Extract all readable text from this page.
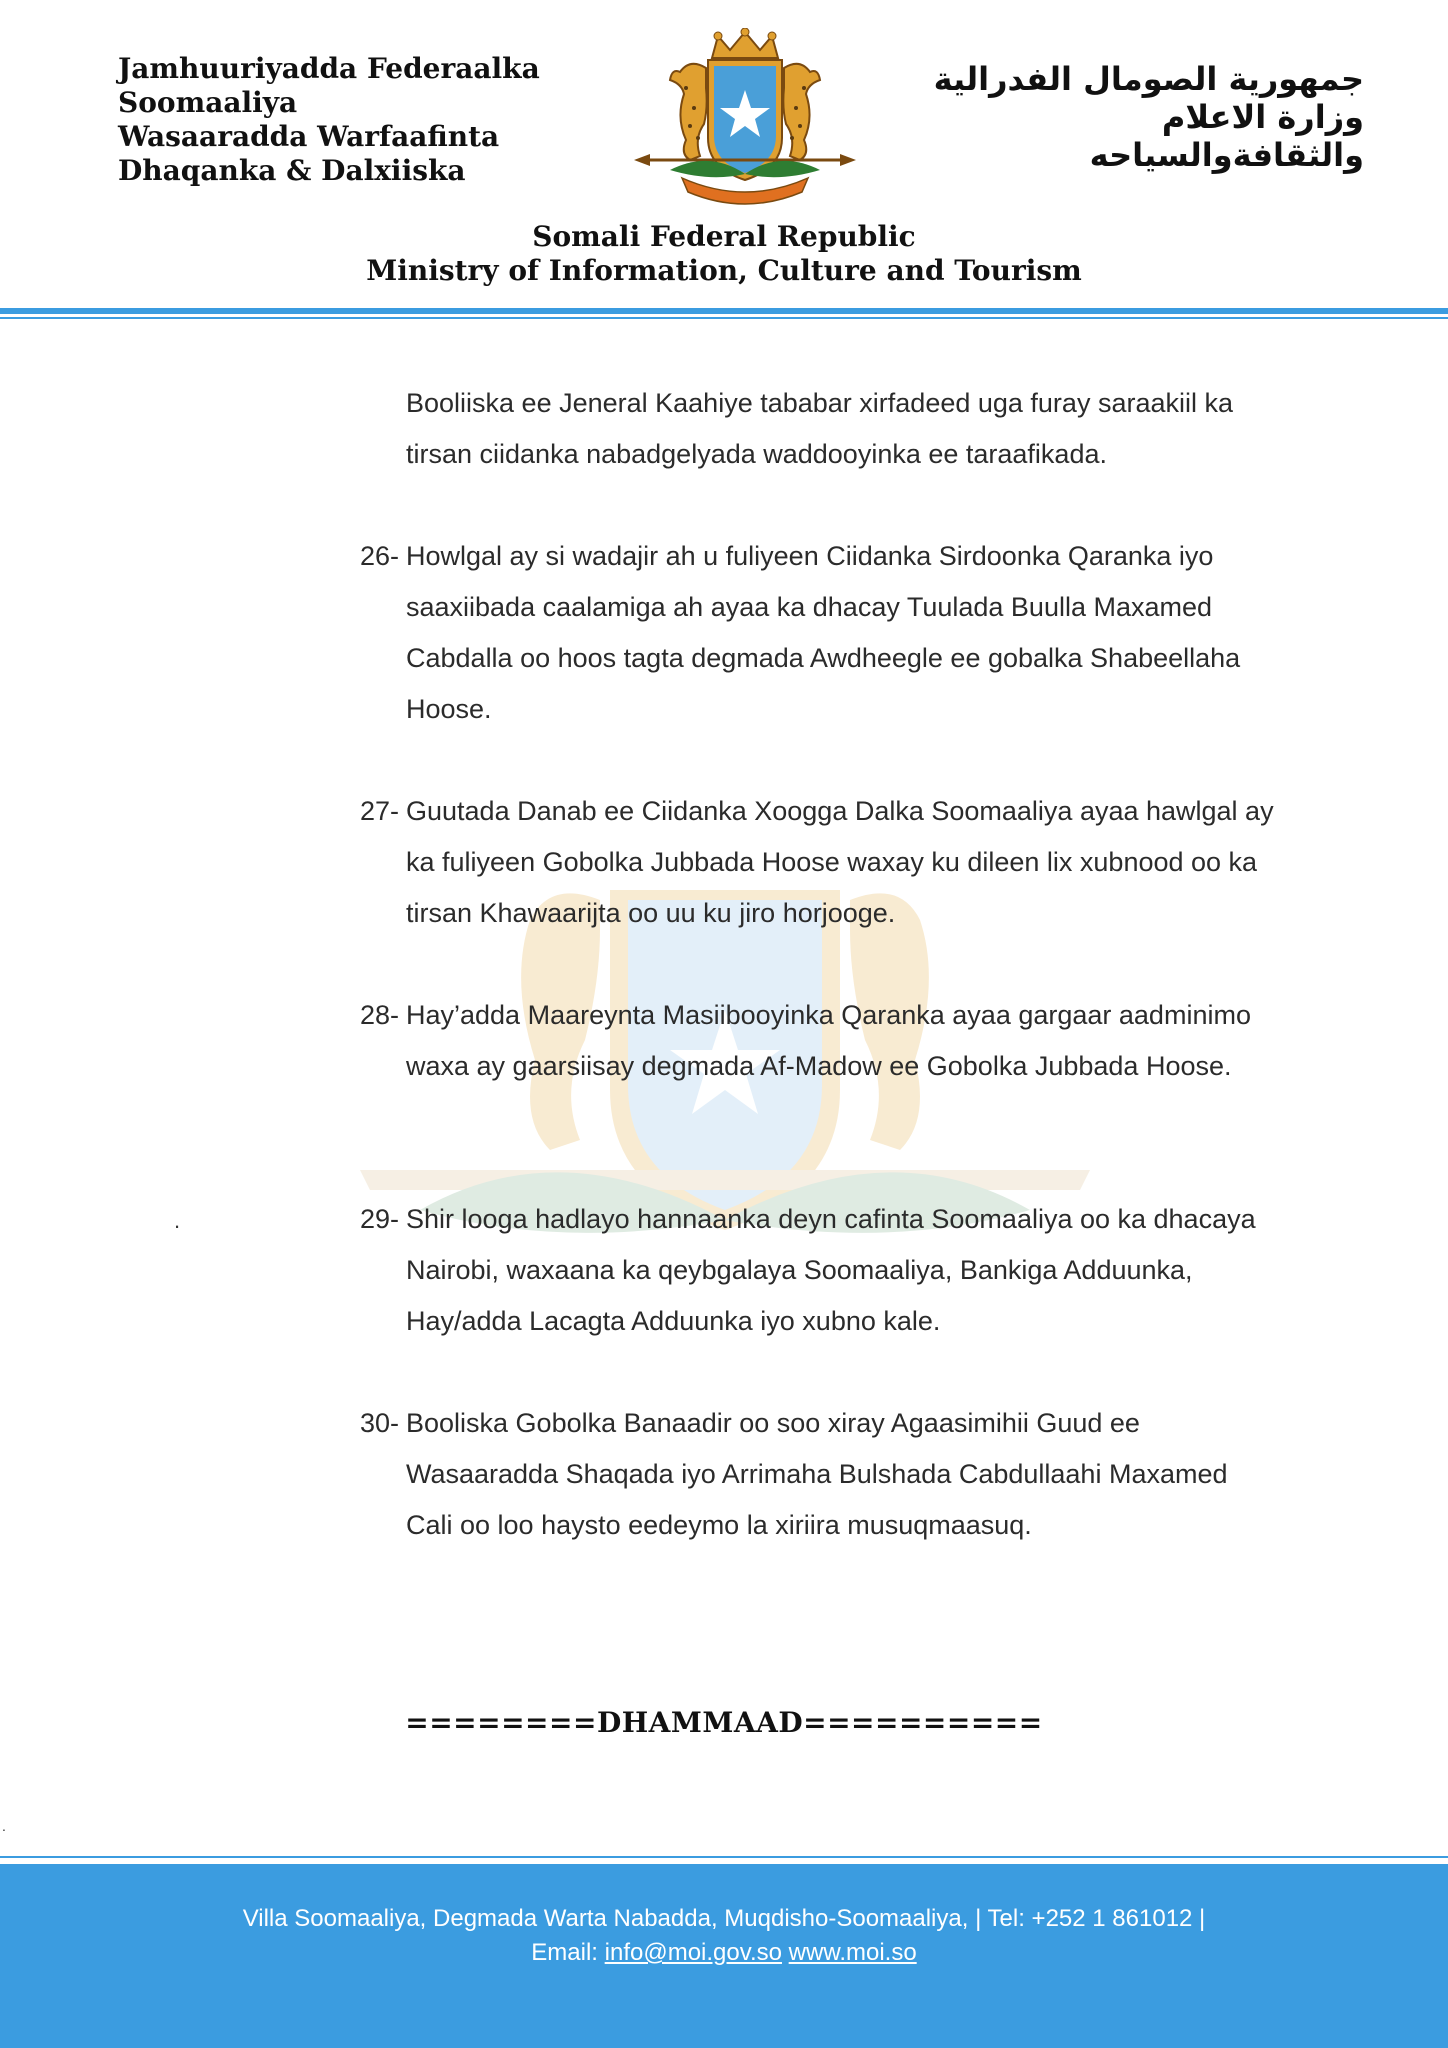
Jamhuuriyadda Federaalka
Soomaaliya
Wasaaradda Warfaafinta
Dhaqanka & Dalxiiska
جمهورية الصومال الفدرالية
وزارة الاعلام
والثقافةوالسياحه
Somali Federal Republic
Ministry of Information, Culture and Tourism
Booliiska ee Jeneral Kaahiye tababar xirfadeed uga furay saraakiil ka tirsan ciidanka nabadgelyada waddooyinka ee taraafikada.
26- Howlgal ay si wadajir ah u fuliyeen Ciidanka Sirdoonka Qaranka iyo saaxiibada caalamiga ah ayaa ka dhacay Tuulada Buulla Maxamed Cabdalla oo hoos tagta degmada Awdheegle ee gobalka Shabeellaha Hoose.
27- Guutada Danab ee Ciidanka Xoogga Dalka Soomaaliya ayaa hawlgal ay ka fuliyeen Gobolka Jubbada Hoose waxay ku dileen lix xubnood oo ka tirsan Khawaarijta oo uu ku jiro horjooge.
28- Hay’adda Maareynta Masiibooyinka Qaranka ayaa gargaar aadminimo waxa ay gaarsiisay degmada Af-Madow ee Gobolka Jubbada Hoose.
29- Shir looga hadlayo hannaanka deyn cafinta Soomaaliya oo ka dhacaya Nairobi, waxaana ka qeybgalaya Soomaaliya, Bankiga Adduunka, Hay/adda Lacagta Adduunka iyo xubno kale.
30- Booliska Gobolka Banaadir oo soo xiray Agaasimihii Guud ee Wasaaradda Shaqada iyo Arrimaha Bulshada Cabdullaahi Maxamed Cali oo loo haysto eedeymo la xiriira musuqmaasuq.
.
.
========DHAMMAAD==========
Villa Soomaaliya, Degmada Warta Nabadda, Muqdisho-Soomaaliya, | Tel: +252 1 861012 |
Email: info@moi.gov.so www.moi.so
